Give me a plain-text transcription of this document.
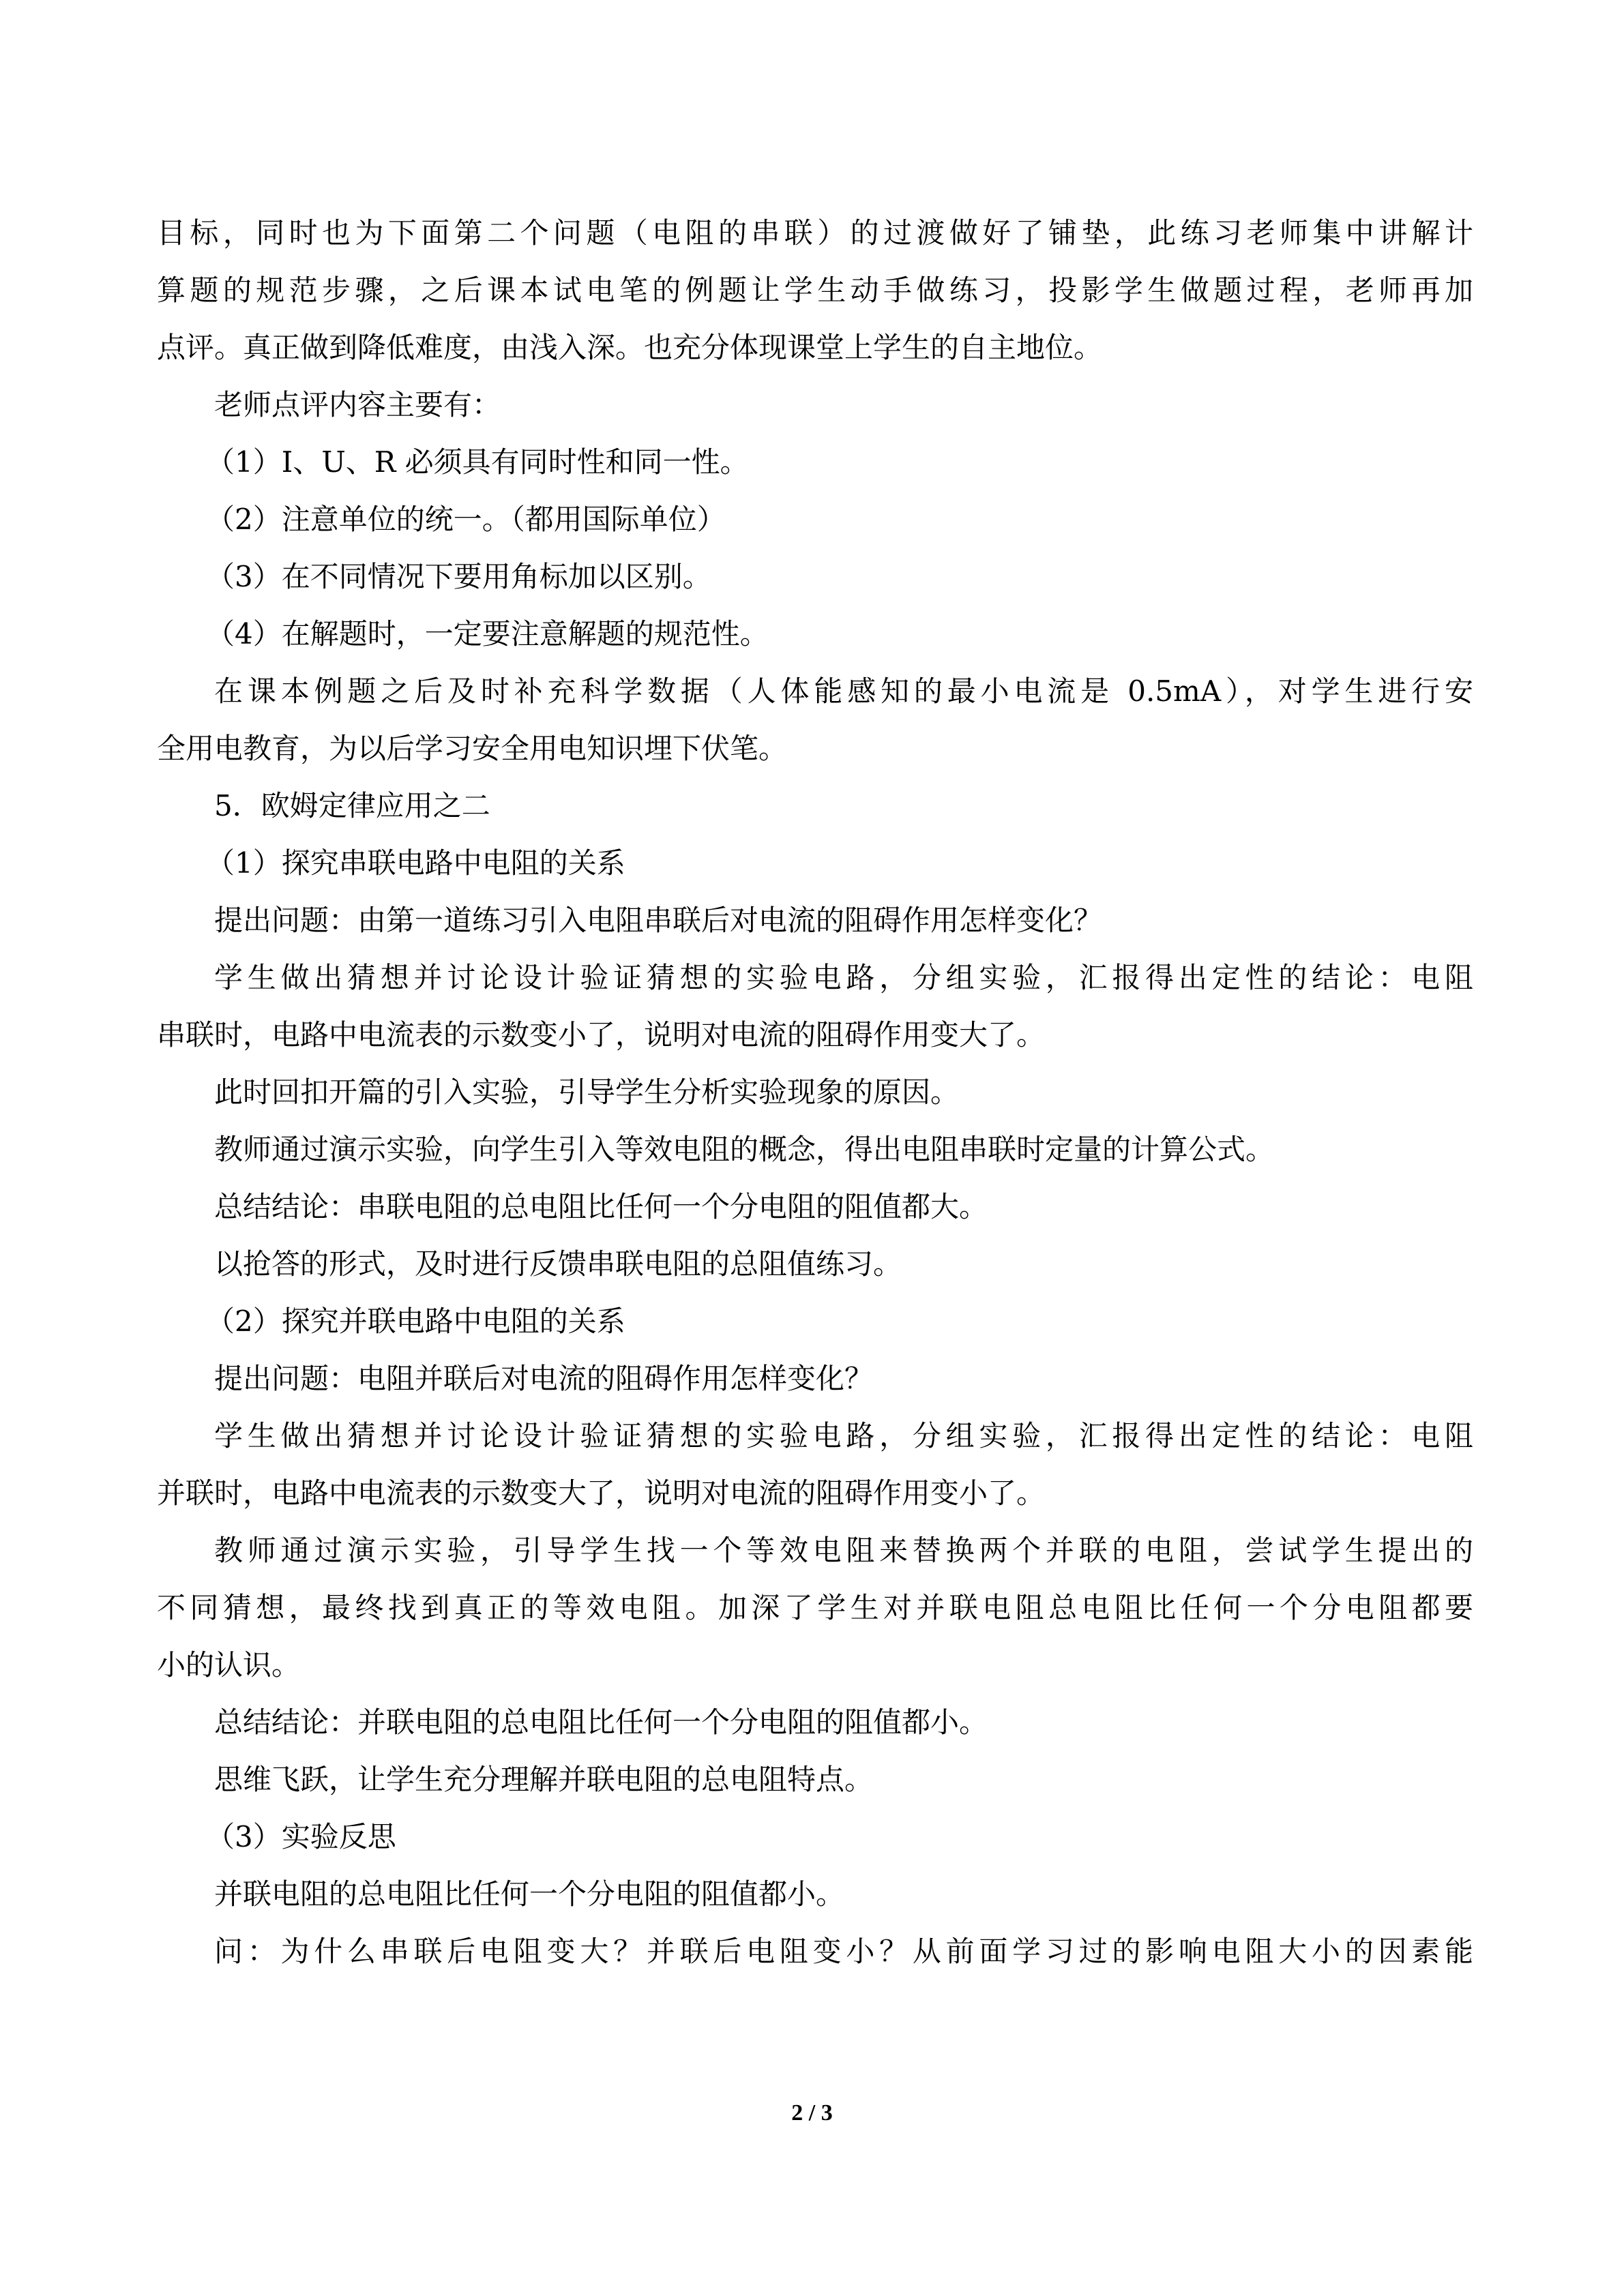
目标，同时也为下面第二个问题（电阻的串联）的过渡做好了铺垫，此练习老师集中讲解计

算题的规范步骤，之后课本试电笔的例题让学生动手做练习，投影学生做题过程，老师再加

点评。真正做到降低难度，由浅入深。也充分体现课堂上学生的自主地位。

老师点评内容主要有：

（1）I、U、R 必须具有同时性和同一性。

（2）注意单位的统一。（都用国际单位）

（3）在不同情况下要用角标加以区别。

（4）在解题时，一定要注意解题的规范性。

在课本例题之后及时补充科学数据（人体能感知的最小电流是 0.5mA），对学生进行安

全用电教育，为以后学习安全用电知识埋下伏笔。

5．欧姆定律应用之二

（1）探究串联电路中电阻的关系

提出问题：由第一道练习引入电阻串联后对电流的阻碍作用怎样变化？

学生做出猜想并讨论设计验证猜想的实验电路，分组实验，汇报得出定性的结论：电阻

串联时，电路中电流表的示数变小了，说明对电流的阻碍作用变大了。

此时回扣开篇的引入实验，引导学生分析实验现象的原因。

教师通过演示实验，向学生引入等效电阻的概念，得出电阻串联时定量的计算公式。

总结结论：串联电阻的总电阻比任何一个分电阻的阻值都大。

以抢答的形式，及时进行反馈串联电阻的总阻值练习。

（2）探究并联电路中电阻的关系

提出问题：电阻并联后对电流的阻碍作用怎样变化？

学生做出猜想并讨论设计验证猜想的实验电路，分组实验，汇报得出定性的结论：电阻

并联时，电路中电流表的示数变大了，说明对电流的阻碍作用变小了。

教师通过演示实验，引导学生找一个等效电阻来替换两个并联的电阻，尝试学生提出的

不同猜想，最终找到真正的等效电阻。加深了学生对并联电阻总电阻比任何一个分电阻都要

小的认识。

总结结论：并联电阻的总电阻比任何一个分电阻的阻值都小。

思维飞跃，让学生充分理解并联电阻的总电阻特点。

（3）实验反思

并联电阻的总电阻比任何一个分电阻的阻值都小。

问：为什么串联后电阻变大？并联后电阻变小？从前面学习过的影响电阻大小的因素能

2 / 3
